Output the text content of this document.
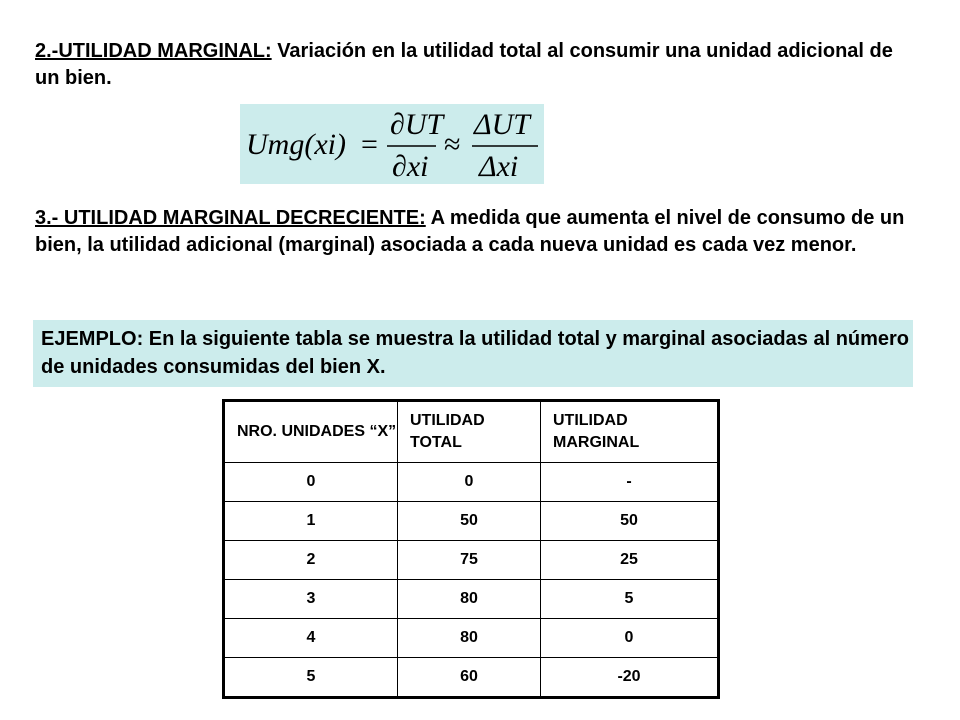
2.-UTILIDAD MARGINAL: Variación en la utilidad total al consumir una unidad adicional de un bien.
Umg(xi) =
∂UT
∂xi
≈
ΔUT
Δxi
3.- UTILIDAD MARGINAL DECRECIENTE: A medida que aumenta el nivel de consumo de un bien, la utilidad adicional (marginal) asociada a cada nueva unidad es cada vez menor.
EJEMPLO: En la siguiente tabla se muestra la utilidad total y marginal asociadas al número de unidades consumidas del bien X.
NRO. UNIDADES “X”	UTILIDAD TOTAL	UTILIDAD MARGINAL
0	0	-
1	50	50
2	75	25
3	80	5
4	80	0
5	60	-20
